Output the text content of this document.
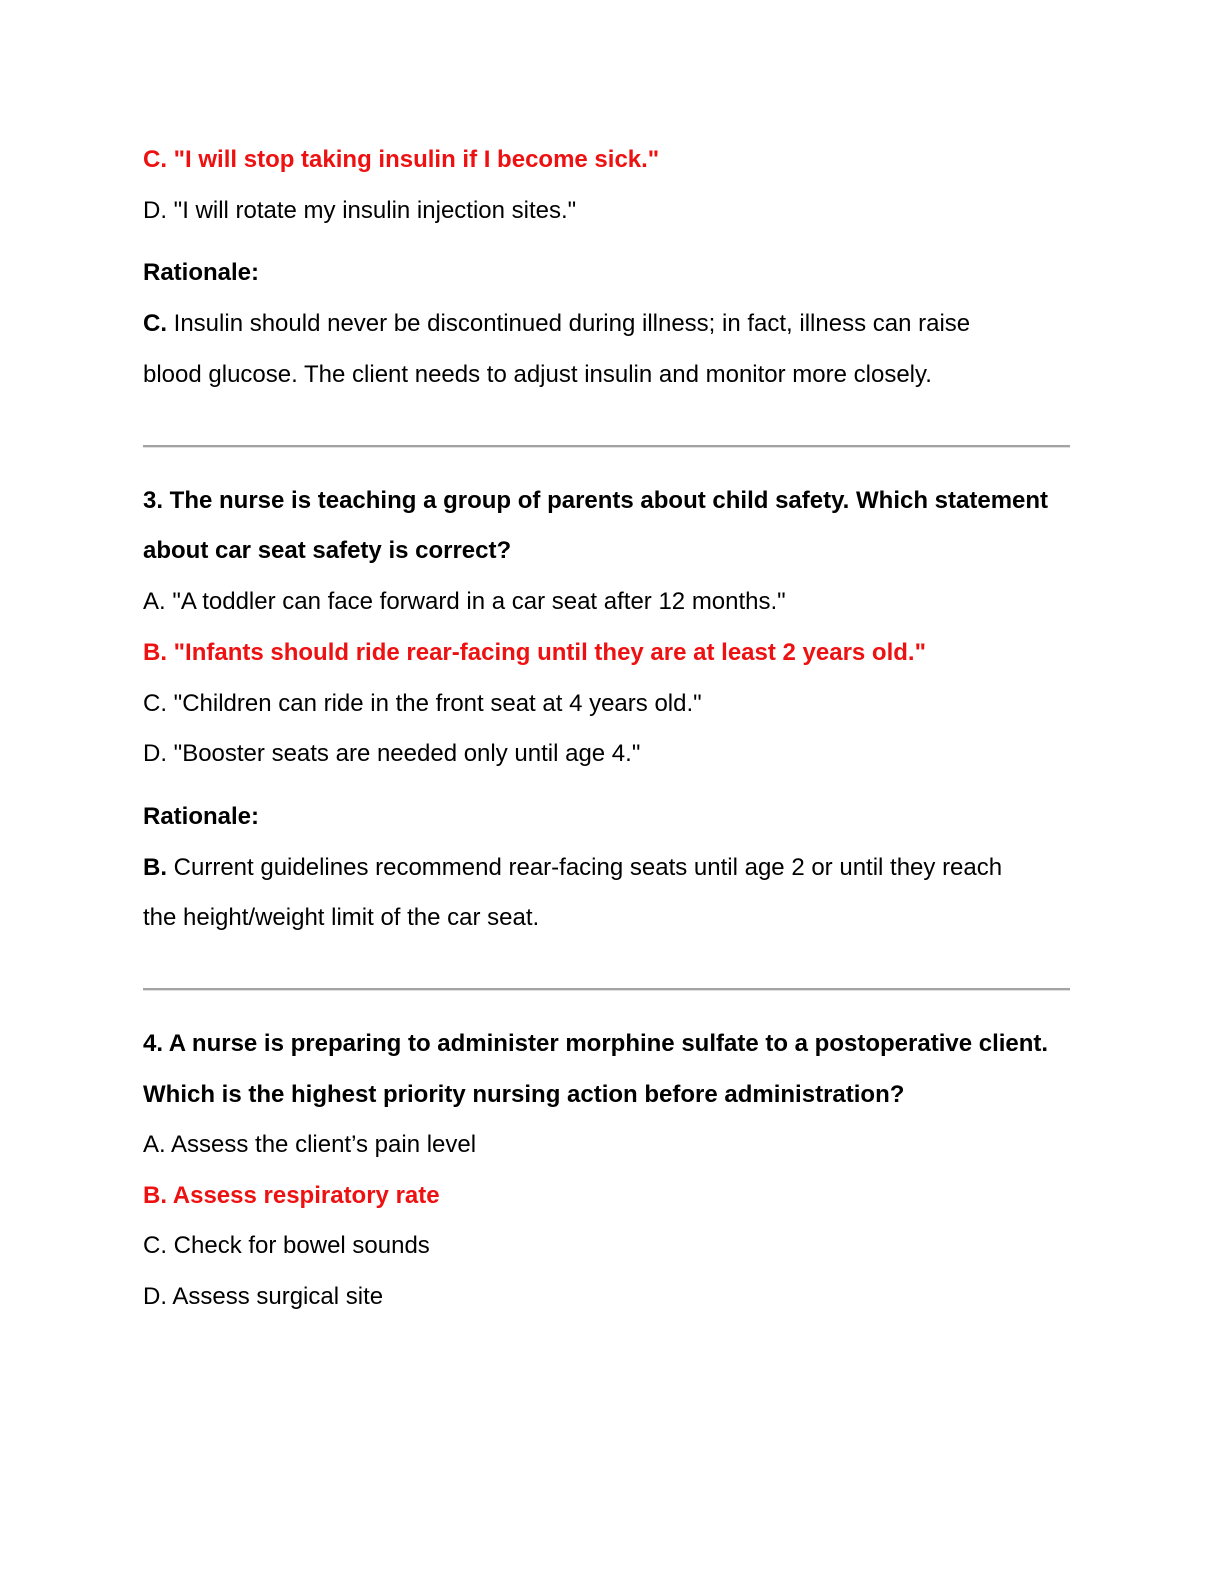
C. "I will stop taking insulin if I become sick."

D. "I will rotate my insulin injection sites."

Rationale:

C. Insulin should never be discontinued during illness; in fact, illness can raise

blood glucose. The client needs to adjust insulin and monitor more closely.

3. The nurse is teaching a group of parents about child safety. Which statement

about car seat safety is correct?

A. "A toddler can face forward in a car seat after 12 months."

B. "Infants should ride rear-facing until they are at least 2 years old."

C. "Children can ride in the front seat at 4 years old."

D. "Booster seats are needed only until age 4."

Rationale:

B. Current guidelines recommend rear-facing seats until age 2 or until they reach

the height/weight limit of the car seat.

4. A nurse is preparing to administer morphine sulfate to a postoperative client.

Which is the highest priority nursing action before administration?

A. Assess the client’s pain level

B. Assess respiratory rate

C. Check for bowel sounds

D. Assess surgical site
